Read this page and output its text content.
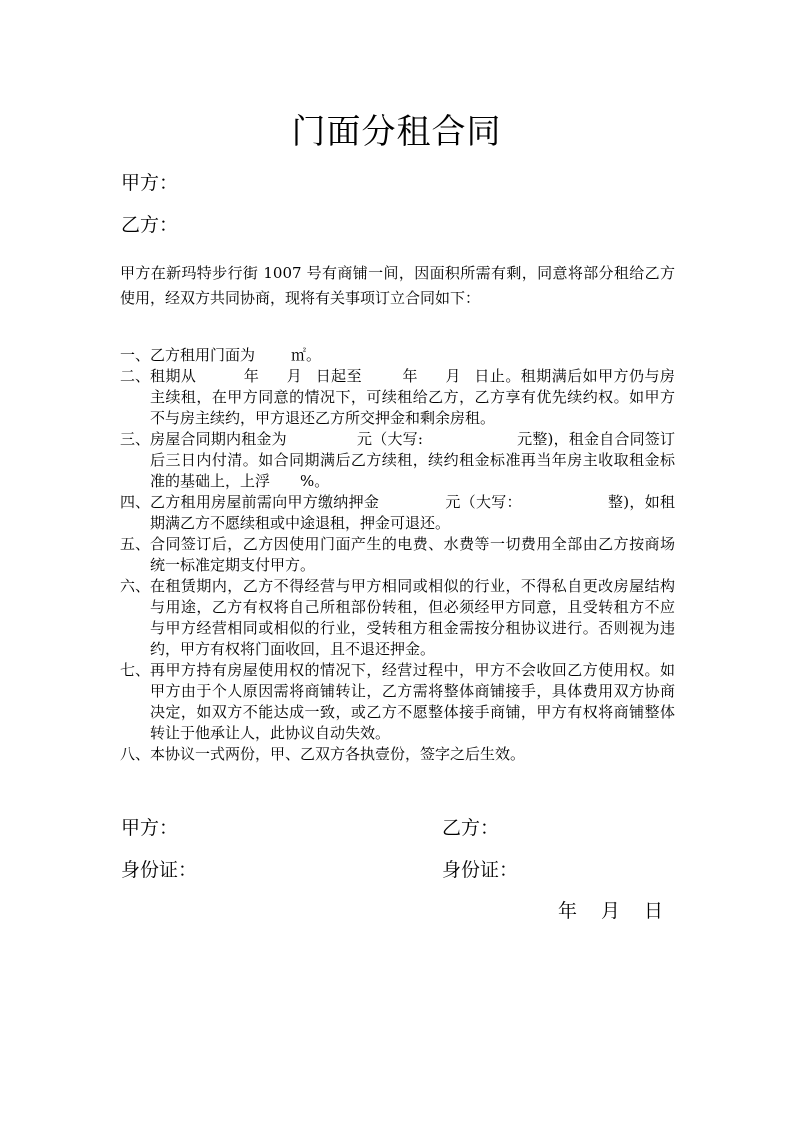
门面分租合同
甲方：
乙方：
甲方在新玛特步行街 1007 号有商铺一间，因面积所需有剩，同意将部分租给乙方使用，经双方共同协商，现将有关事项订立合同如下：
一、 乙方租用门面为 ㎡。
二、 租期从	年 月 日起至	年 月 日止。租期满后如甲方仍与房主续租，在甲方同意的情况下，可续租给乙方，乙方享有优先续约权。如甲方不与房主续约，甲方退还乙方所交押金和剩余房租。
三、 房屋合同期内租金为	元（大写:	元整)，租金自合同签订后三日内付清。如合同期满后乙方续租，续约租金标准再当年房主收取租金标准的基础上，上浮 %。
四、 乙方租用房屋前需向甲方缴纳押金	元（大写：	整)，如租期满乙方不愿续租或中途退租，押金可退还。
五、 合同签订后，乙方因使用门面产生的电费、水费等一切费用全部由乙方按商场统一标准定期支付甲方。
六、 在租赁期内，乙方不得经营与甲方相同或相似的行业，不得私自更改房屋结构与用途，乙方有权将自己所租部份转租，但必须经甲方同意，且受转租方不应与甲方经营相同或相似的行业，受转租方租金需按分租协议进行。否则视为违约，甲方有权将门面收回，且不退还押金。
七、 再甲方持有房屋使用权的情况下，经营过程中，甲方不会收回乙方使用权。如甲方由于个人原因需将商铺转让，乙方需将整体商铺接手，具体费用双方协商决定，如双方不能达成一致，或乙方不愿整体接手商铺，甲方有权将商铺整体转让于他承让人，此协议自动失效。
八、 本协议一式两份，甲、乙双方各执壹份，签字之后生效。
甲方：	乙方：
身份证：	身份证：
年 月 日
